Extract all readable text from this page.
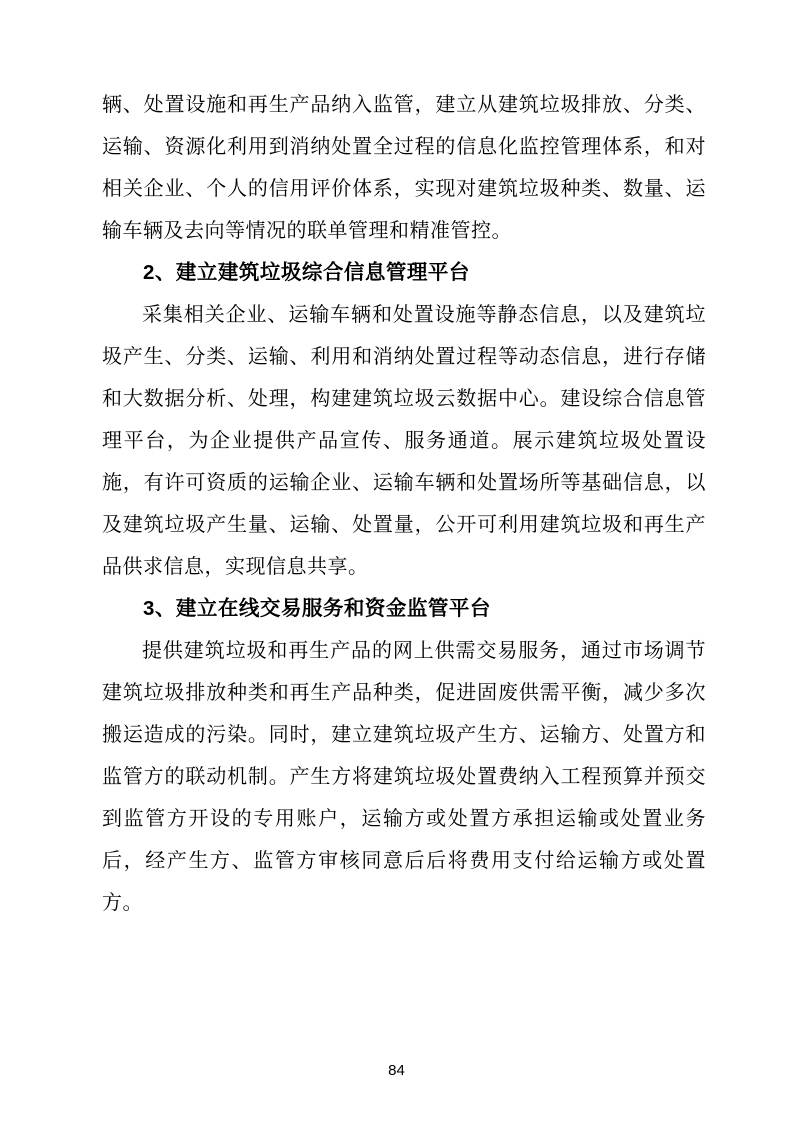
辆、处置设施和再生产品纳入监管，建立从建筑垃圾排放、分类、运输、资源化利用到消纳处置全过程的信息化监控管理体系，和对相关企业、个人的信用评价体系，实现对建筑垃圾种类、数量、运输车辆及去向等情况的联单管理和精准管控。

2、建立建筑垃圾综合信息管理平台

采集相关企业、运输车辆和处置设施等静态信息，以及建筑垃圾产生、分类、运输、利用和消纳处置过程等动态信息，进行存储和大数据分析、处理，构建建筑垃圾云数据中心。建设综合信息管理平台，为企业提供产品宣传、服务通道。展示建筑垃圾处置设施，有许可资质的运输企业、运输车辆和处置场所等基础信息，以及建筑垃圾产生量、运输、处置量，公开可利用建筑垃圾和再生产品供求信息，实现信息共享。

3、建立在线交易服务和资金监管平台

提供建筑垃圾和再生产品的网上供需交易服务，通过市场调节建筑垃圾排放种类和再生产品种类，促进固废供需平衡，减少多次搬运造成的污染。同时，建立建筑垃圾产生方、运输方、处置方和监管方的联动机制。产生方将建筑垃圾处置费纳入工程预算并预交到监管方开设的专用账户，运输方或处置方承担运输或处置业务后，经产生方、监管方审核同意后后将费用支付给运输方或处置方。

84
